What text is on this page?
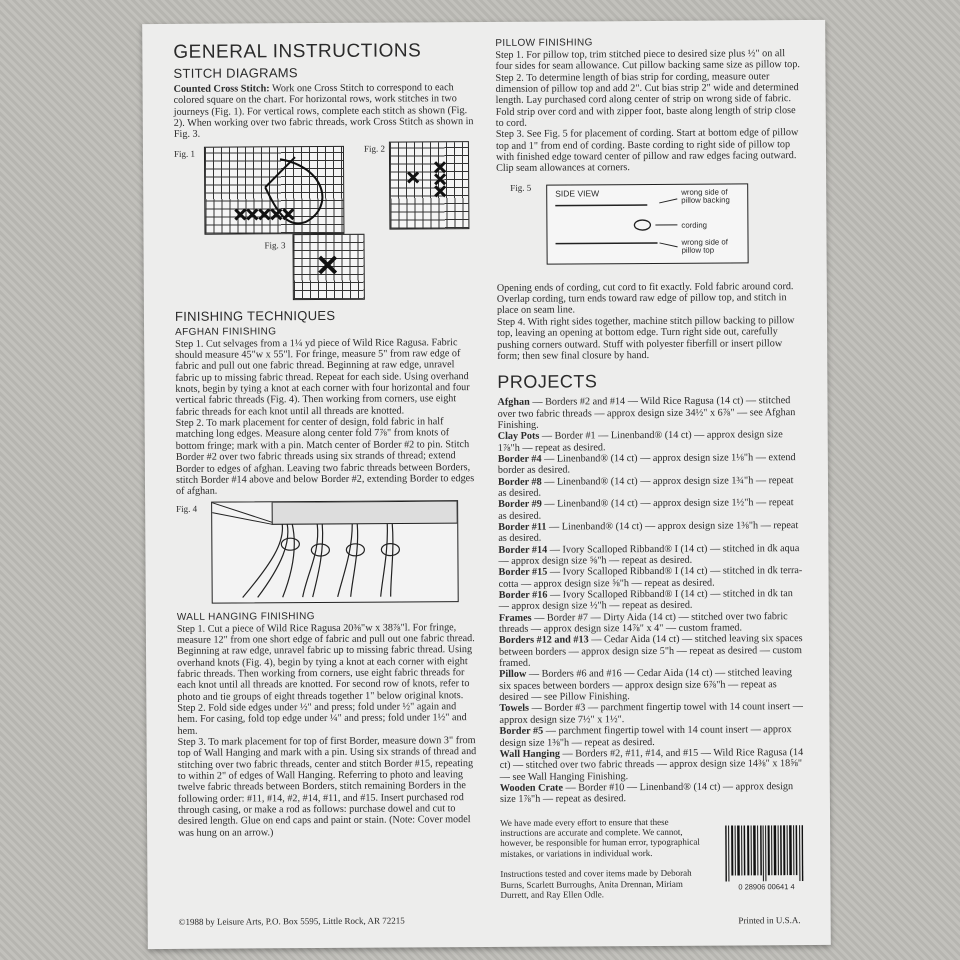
GENERAL INSTRUCTIONS
STITCH DIAGRAMS

Counted Cross Stitch: Work one Cross Stitch to correspond to each colored square on the chart. For horizontal rows, work stitches in two journeys (Fig. 1). For vertical rows, complete each stitch as shown (Fig. 2). When working over two fabric threads, work Cross Stitch as shown in Fig. 3.

Fig. 1
Fig. 2
Fig. 3
FINISHING TECHNIQUES
AFGHAN FINISHING

Step 1. Cut selvages from a 1¼ yd piece of Wild Rice Ragusa. Fabric should measure 45"w x 55"l. For fringe, measure 5" from raw edge of fabric and pull out one fabric thread. Beginning at raw edge, unravel fabric up to missing fabric thread. Repeat for each side. Using overhand knots, begin by tying a knot at each corner with four horizontal and four vertical fabric threads (Fig. 4). Then working from corners, use eight fabric threads for each knot until all threads are knotted.

Step 2. To mark placement for center of design, fold fabric in half matching long edges. Measure along center fold 7⅞" from knots of bottom fringe; mark with a pin. Match center of Border #2 to pin. Stitch Border #2 over two fabric threads using six strands of thread; extend Border to edges of afghan. Leaving two fabric threads between Borders, stitch Border #14 above and below Border #2, extending Border to edges of afghan.

Fig. 4
WALL HANGING FINISHING

Step 1. Cut a piece of Wild Rice Ragusa 20⅜"w x 38⅞"l. For fringe, measure 12" from one short edge of fabric and pull out one fabric thread. Beginning at raw edge, unravel fabric up to missing fabric thread. Using overhand knots (Fig. 4), begin by tying a knot at each corner with eight fabric threads. Then working from corners, use eight fabric threads for each knot until all threads are knotted. For second row of knots, refer to photo and tie groups of eight threads together 1" below original knots.

Step 2. Fold side edges under ½" and press; fold under ½" again and hem. For casing, fold top edge under ¼" and press; fold under 1½" and hem.

Step 3. To mark placement for top of first Border, measure down 3" from top of Wall Hanging and mark with a pin. Using six strands of thread and stitching over two fabric threads, center and stitch Border #15, repeating to within 2" of edges of Wall Hanging. Referring to photo and leaving twelve fabric threads between Borders, stitch remaining Borders in the following order: #11, #14, #2, #14, #11, and #15. Insert purchased rod through casing, or make a rod as follows: purchase dowel and cut to desired length. Glue on end caps and paint or stain. (Note: Cover model was hung on an arrow.)

PILLOW FINISHING

Step 1. For pillow top, trim stitched piece to desired size plus ½" on all four sides for seam allowance. Cut pillow backing same size as pillow top.

Step 2. To determine length of bias strip for cording, measure outer dimension of pillow top and add 2". Cut bias strip 2" wide and determined length. Lay purchased cord along center of strip on wrong side of fabric. Fold strip over cord and with zipper foot, baste along length of strip close to cord.

Step 3. See Fig. 5 for placement of cording. Start at bottom edge of pillow top and 1" from end of cording. Baste cording to right side of pillow top with finished edge toward center of pillow and raw edges facing outward. Clip seam allowances at corners.

Fig. 5
SIDE VIEW	wrong side of pillow backing
cording
wrong side of pillow top

Opening ends of cording, cut cord to fit exactly. Fold fabric around cord. Overlap cording, turn ends toward raw edge of pillow top, and stitch in place on seam line.

Step 4. With right sides together, machine stitch pillow backing to pillow top, leaving an opening at bottom edge. Turn right side out, carefully pushing corners outward. Stuff with polyester fiberfill or insert pillow form; then sew final closure by hand.

PROJECTS

Afghan — Borders #2 and #14 — Wild Rice Ragusa (14 ct) — stitched over two fabric threads — approx design size 34½" x 6⅞" — see Afghan Finishing.

Clay Pots — Border #1 — Linenband® (14 ct) — approx design size 1⅞"h — repeat as desired.

Border #4 — Linenband® (14 ct) — approx design size 1⅛"h — extend border as desired.

Border #8 — Linenband® (14 ct) — approx design size 1¾"h — repeat as desired.

Border #9 — Linenband® (14 ct) — approx design size 1½"h — repeat as desired.

Border #11 — Linenband® (14 ct) — approx design size 1⅜"h — repeat as desired.

Border #14 — Ivory Scalloped Ribband® I (14 ct) — stitched in dk aqua — approx design size ⅝"h — repeat as desired.

Border #15 — Ivory Scalloped Ribband® I (14 ct) — stitched in dk terra-cotta — approx design size ⅝"h — repeat as desired.

Border #16 — Ivory Scalloped Ribband® I (14 ct) — stitched in dk tan — approx design size ½"h — repeat as desired.

Frames — Border #7 — Dirty Aida (14 ct) — stitched over two fabric threads — approx design size 14⅞" x 4" — custom framed.

Borders #12 and #13 — Cedar Aida (14 ct) — stitched leaving six spaces between borders — approx design size 5"h — repeat as desired — custom framed.

Pillow — Borders #6 and #16 — Cedar Aida (14 ct) — stitched leaving six spaces between borders — approx design size 6⅞"h — repeat as desired — see Pillow Finishing.

Towels — Border #3 — parchment fingertip towel with 14 count insert — approx design size 7½" x 1½".

Border #5 — parchment fingertip towel with 14 count insert — approx design size 1⅜"h — repeat as desired.

Wall Hanging — Borders #2, #11, #14, and #15 — Wild Rice Ragusa (14 ct) — stitched over two fabric threads — approx design size 14⅜" x 18⅝" — see Wall Hanging Finishing.

Wooden Crate — Border #10 — Linenband® (14 ct) — approx design size 1⅞"h — repeat as desired.

We have made every effort to ensure that these instructions are accurate and complete. We cannot, however, be responsible for human error, typographical mistakes, or variations in individual work.

Instructions tested and cover items made by Deborah Burns, Scarlett Burroughs, Anita Drennan, Miriam Durrett, and Ray Ellen Odle.

0 28906 00641 4
©1988 by Leisure Arts, P.O. Box 5595, Little Rock, AR 72215	Printed in U.S.A.
